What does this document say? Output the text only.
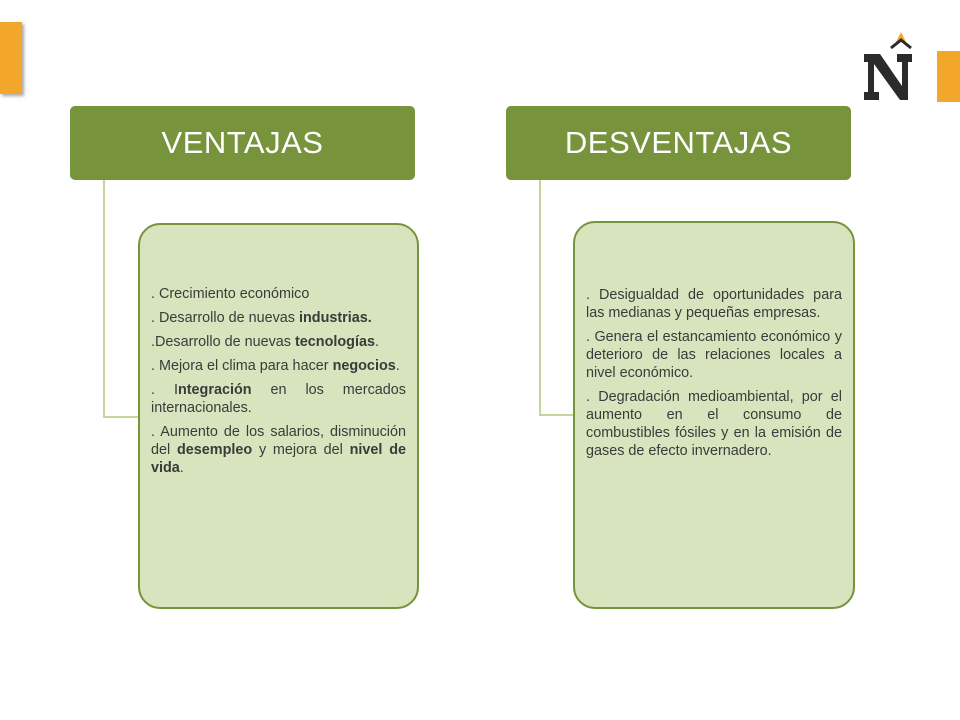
VENTAJAS

. Crecimiento económico

. Desarrollo de nuevas industrias.

.Desarrollo de nuevas tecnologías.

. Mejora el clima para hacer negocios.

. Integración en los mercados internacionales.

. Aumento de los salarios, disminución del desempleo y mejora del nivel de vida.

DESVENTAJAS

. Desigualdad de oportunidades para las medianas y pequeñas empresas.

. Genera el estancamiento económico y deterioro de las relaciones locales a nivel económico.

. Degradación medioambiental, por el aumento en el consumo de combustibles fósiles y en la emisión de gases de efecto invernadero.
